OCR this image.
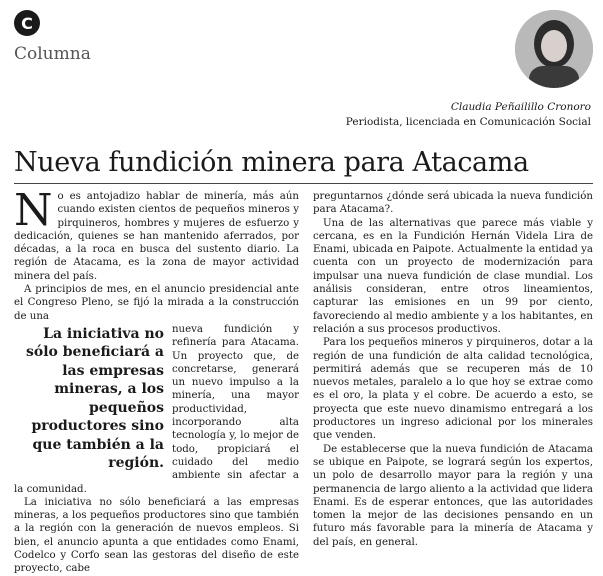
C
Columna
Claudia Peñailillo Cronoro
Periodista, licenciada en Comunicación Social
Nueva fundición minera para Atacama

No es antojadizo hablar de minería, más aún cuando existen cientos de pequeños mineros y pirquineros, hombres y mujeres de esfuerzo y dedicación, quienes se han mantenido aferrados, por décadas, a la roca en busca del sustento diario. La región de Atacama, es la zona de mayor actividad minera del país.

A principios de mes, en el anuncio presidencial ante el Congreso Pleno, se fijó la mirada a la construcción de una

La iniciativa no sólo beneficiará a las empresas mineras, a los pequeños productores sino que también a la región.

nueva fundición y refinería para Atacama. Un proyecto que, de concretarse, generará un nuevo impulso a la minería, una mayor productividad, incorporando alta tecnología y, lo mejor de todo, propiciará el cuidado del medio ambiente sin afectar a la comunidad.

La iniciativa no sólo beneficiará a las empresas mineras, a los pequeños productores sino que también a la región con la generación de nuevos empleos. Si bien, el anuncio apunta a que entidades como Enami, Codelco y Corfo sean las gestoras del diseño de este proyecto, cabe

preguntarnos ¿dónde será ubicada la nueva fundición para Atacama?.

Una de las alternativas que parece más viable y cercana, es en la Fundición Hernán Videla Lira de Enami, ubicada en Paipote. Actualmente la entidad ya cuenta con un proyecto de modernización para impulsar una nueva fundición de clase mundial. Los análisis consideran, entre otros lineamientos, capturar las emisiones en un 99 por ciento, favoreciendo al medio ambiente y a los habitantes, en relación a sus procesos productivos.

Para los pequeños mineros y pirquineros, dotar a la región de una fundición de alta calidad tecnológica, permitirá además que se recuperen más de 10 nuevos metales, paralelo a lo que hoy se extrae como es el oro, la plata y el cobre. De acuerdo a esto, se proyecta que este nuevo dinamismo entregará a los productores un ingreso adicional por los minerales que venden.

De establecerse que la nueva fundición de Atacama se ubique en Paipote, se logrará según los expertos, un polo de desarrollo mayor para la región y una permanencia de largo aliento a la actividad que lidera Enami. Es de esperar entonces, que las autoridades tomen la mejor de las decisiones pensando en un futuro más favorable para la minería de Atacama y del país, en general.
